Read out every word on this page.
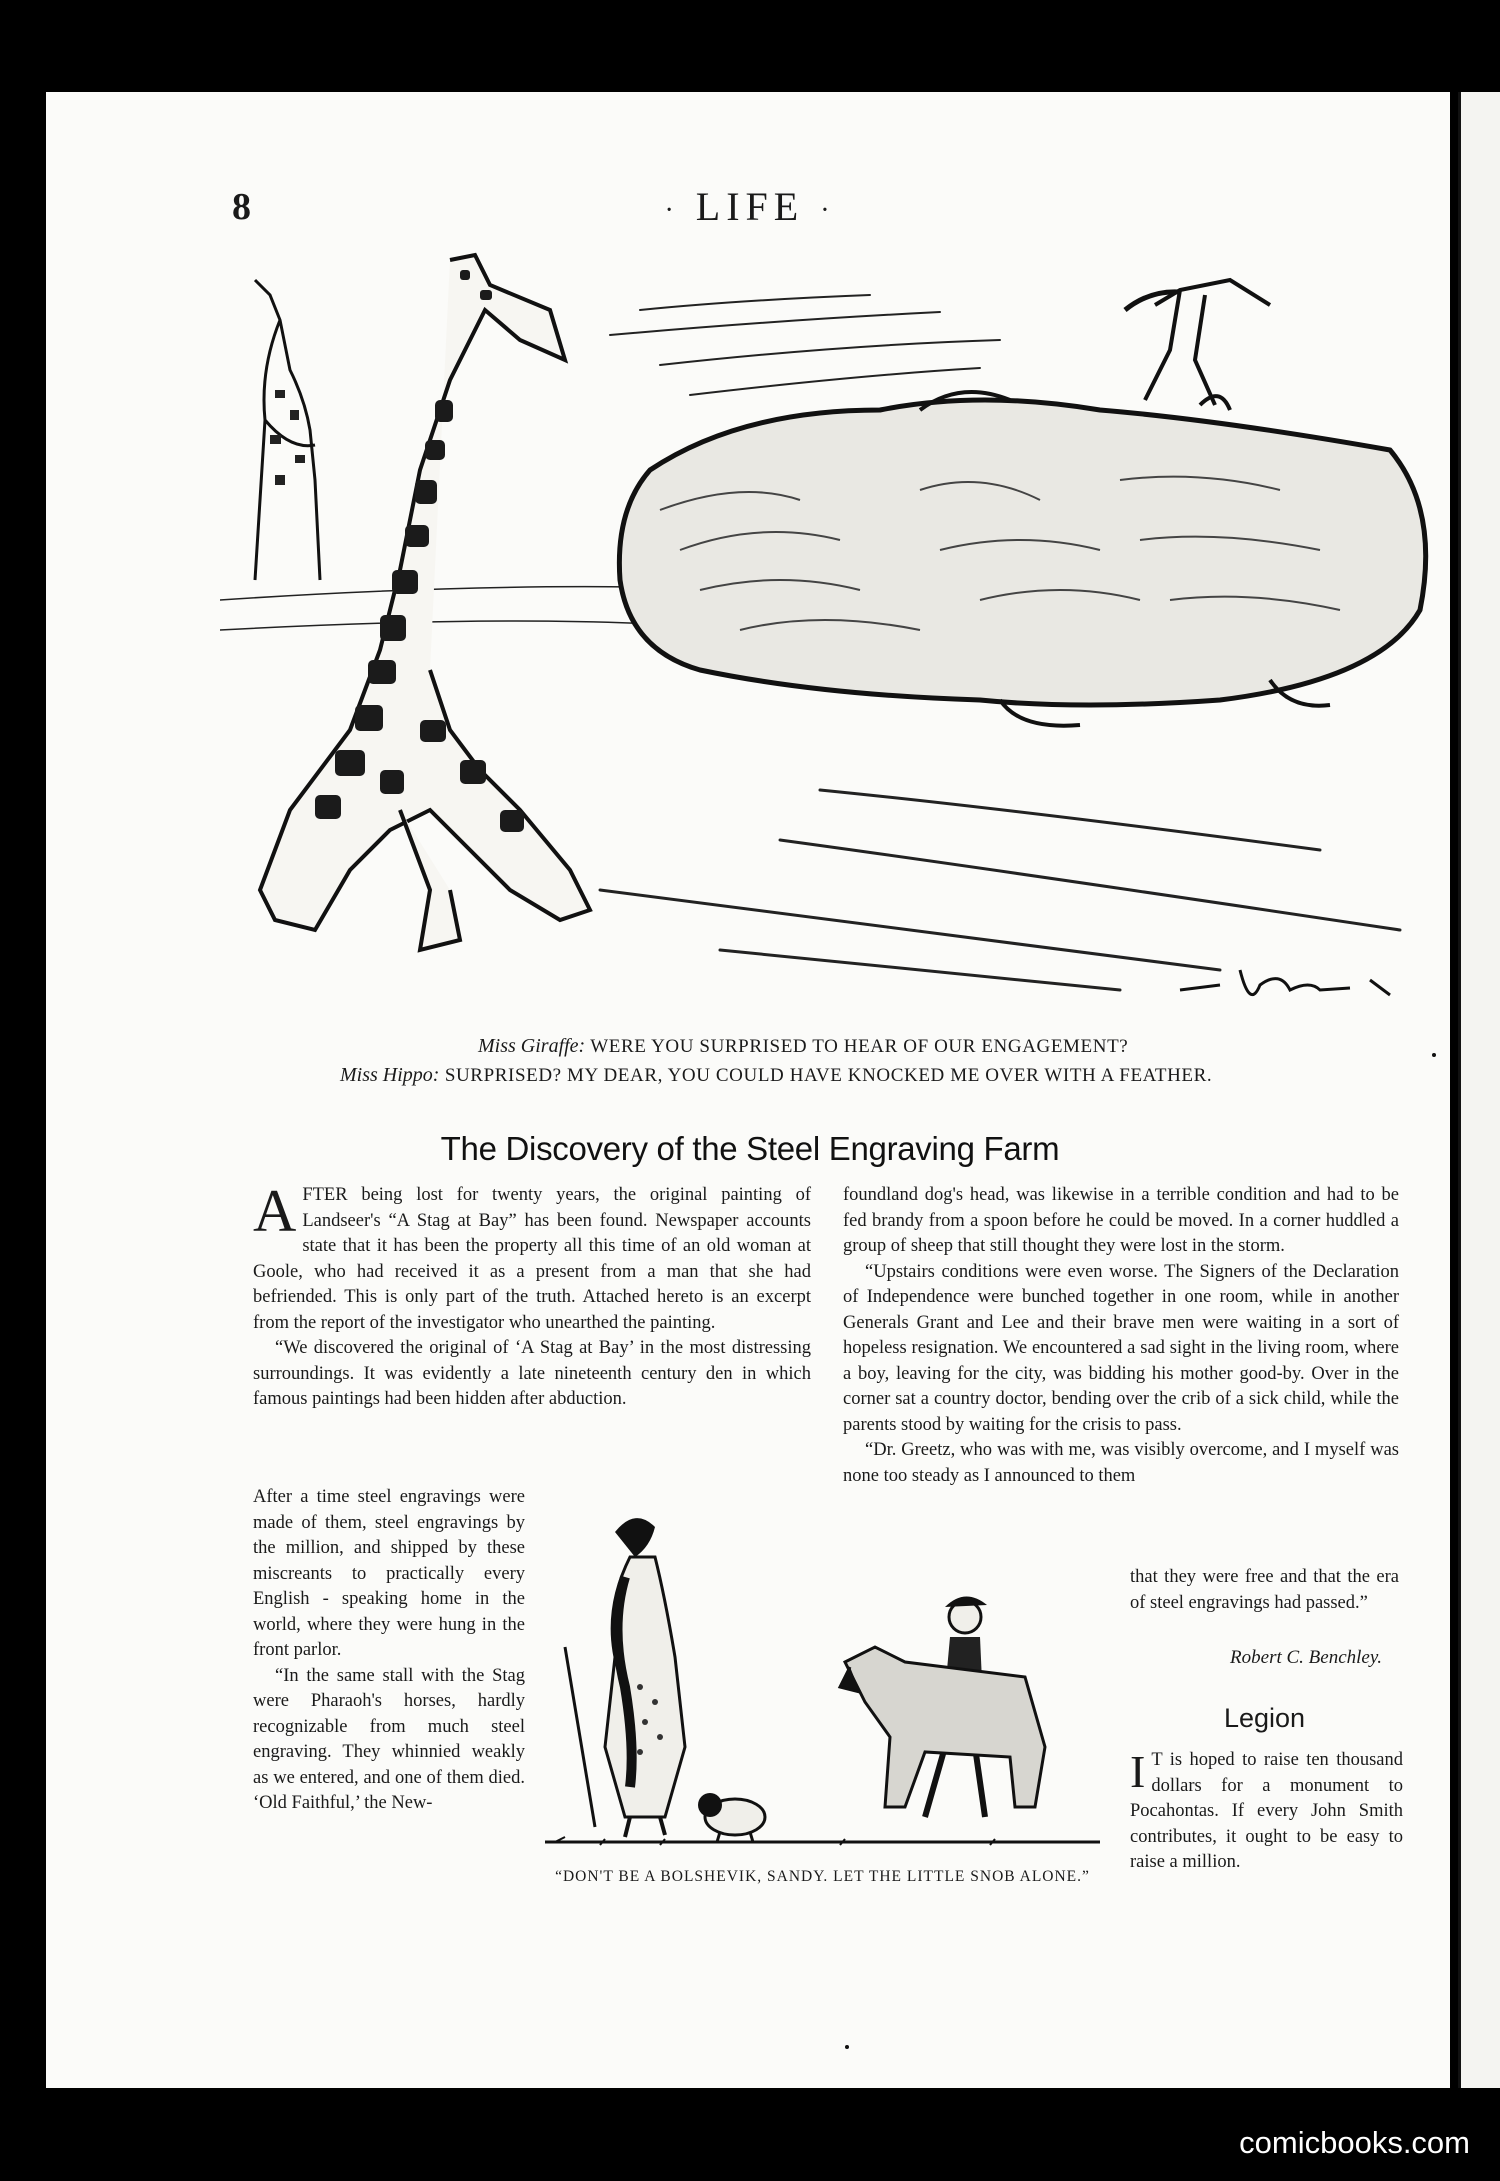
8	· LIFE ·
Miss Giraffe: WERE YOU SURPRISED TO HEAR OF OUR ENGAGEMENT?
Miss Hippo: SURPRISED? MY DEAR, YOU COULD HAVE KNOCKED ME OVER WITH A FEATHER.
The Discovery of the Steel Engraving Farm

AFTER being lost for twenty years, the original painting of Landseer's “A Stag at Bay” has been found. Newspaper accounts state that it has been the property all this time of an old woman at Goole, who had received it as a present from a man that she had befriended. This is only part of the truth. Attached hereto is an excerpt from the report of the investigator who unearthed the painting.

“We discovered the original of ‘A Stag at Bay’ in the most distressing surroundings. It was evidently a late nineteenth century den in which famous paintings had been hidden after abduction.

After a time steel engravings were made of them, steel engravings by the million, and shipped by these miscreants to practically every English - speaking home in the world, where they were hung in the front parlor.

“In the same stall with the Stag were Pharaoh's horses, hardly recognizable from much steel engraving. They whinnied weakly as we entered, and one of them died. ‘Old Faithful,’ the New-

foundland dog's head, was likewise in a terrible condition and had to be fed brandy from a spoon before he could be moved. In a corner huddled a group of sheep that still thought they were lost in the storm.

“Upstairs conditions were even worse. The Signers of the Declaration of Independence were bunched together in one room, while in another Generals Grant and Lee and their brave men were waiting in a sort of hopeless resignation. We encountered a sad sight in the living room, where a boy, leaving for the city, was bidding his mother good-by. Over in the corner sat a country doctor, bending over the crib of a sick child, while the parents stood by waiting for the crisis to pass.

“Dr. Greetz, who was with me, was visibly overcome, and I myself was none too steady as I announced to them

that they were free and that the era of steel engravings had passed.”

Robert C. Benchley.
“DON'T BE A BOLSHEVIK, SANDY. LET THE LITTLE SNOB ALONE.”
Legion

I T is hoped to raise ten thousand dollars for a monument to Pocahontas. If every John Smith contributes, it ought to be easy to raise a million.

comicbooks.com
